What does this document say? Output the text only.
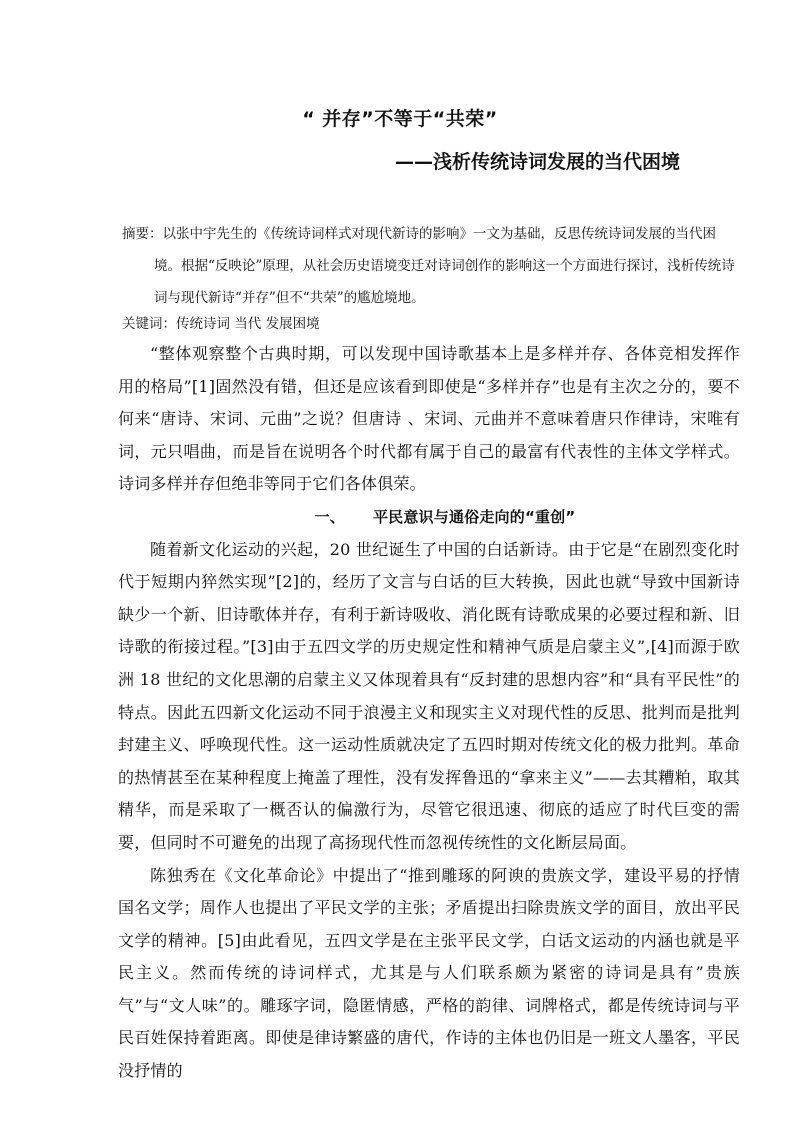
“ 并存”不等于“共荣”
——浅析传统诗词发展的当代困境

摘要：以张中宇先生的《传统诗词样式对现代新诗的影响》一文为基础，反思传统诗词发展的当代困境。根据“反映论”原理，从社会历史语境变迁对诗词创作的影响这一个方面进行探讨，浅析传统诗词与现代新诗“并存”但不“共荣”的尴尬境地。

关键词：传统诗词 当代 发展困境

“整体观察整个古典时期，可以发现中国诗歌基本上是多样并存、各体竞相发挥作用的格局”[1]固然没有错，但还是应该看到即使是“多样并存”也是有主次之分的，要不何来“唐诗、宋词、元曲”之说？但唐诗 、宋词、元曲并不意味着唐只作律诗，宋唯有词，元只唱曲，而是旨在说明各个时代都有属于自己的最富有代表性的主体文学样式。诗词多样并存但绝非等同于它们各体俱荣。

一、 平民意识与通俗走向的“重创”

随着新文化运动的兴起，20 世纪诞生了中国的白话新诗。由于它是“在剧烈变化时代于短期内猝然实现”[2]的，经历了文言与白话的巨大转换，因此也就“导致中国新诗缺少一个新、旧诗歌体并存，有利于新诗吸收、消化既有诗歌成果的必要过程和新、旧诗歌的衔接过程。”[3]由于五四文学的历史规定性和精神气质是启蒙主义”,[4]而源于欧洲 18 世纪的文化思潮的启蒙主义又体现着具有“反封建的思想内容”和“具有平民性”的特点。因此五四新文化运动不同于浪漫主义和现实主义对现代性的反思、批判而是批判封建主义、呼唤现代性。这一运动性质就决定了五四时期对传统文化的极力批判。革命的热情甚至在某种程度上掩盖了理性，没有发挥鲁迅的“拿来主义”——去其糟粕，取其精华，而是采取了一概否认的偏激行为，尽管它很迅速、彻底的适应了时代巨变的需要，但同时不可避免的出现了高扬现代性而忽视传统性的文化断层局面。

陈独秀在《文化革命论》中提出了“推到雕琢的阿谀的贵族文学，建设平易的抒情国名文学；周作人也提出了平民文学的主张；矛盾提出扫除贵族文学的面目，放出平民文学的精神。[5]由此看见，五四文学是在主张平民文学，白话文运动的内涵也就是平民主义。然而传统的诗词样式，尤其是与人们联系颇为紧密的诗词是具有”贵族气”与“文人味”的。雕琢字词，隐匿情感，严格的韵律、词牌格式，都是传统诗词与平民百姓保持着距离。即使是律诗繁盛的唐代，作诗的主体也仍旧是一班文人墨客，平民没抒情的
